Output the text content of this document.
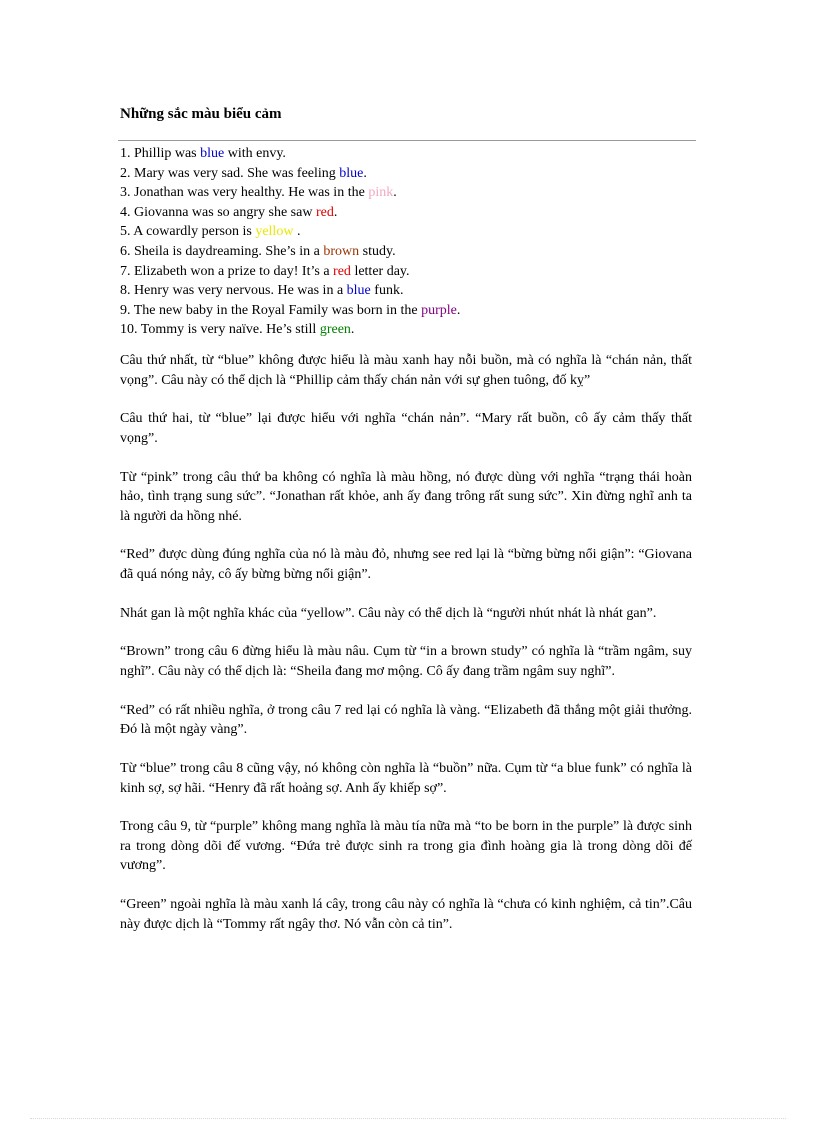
Những sắc màu biểu cảm
1. Phillip was blue with envy.
2. Mary was very sad. She was feeling blue.
3. Jonathan was very healthy. He was in the pink.
4. Giovanna was so angry she saw red.
5. A cowardly person is yellow .
6. Sheila is daydreaming. She’s in a brown study.
7. Elizabeth won a prize to day! It’s a red letter day.
8. Henry was very nervous. He was in a blue funk.
9. The new baby in the Royal Family was born in the purple.
10. Tommy is very naïve. He’s still green.

Câu thứ nhất, từ “blue” không được hiểu là màu xanh hay nỗi buồn, mà có nghĩa là “chán nản, thất vọng”. Câu này có thể dịch là “Phillip cảm thấy chán nản với sự ghen tuông, đố kỵ”

Câu thứ hai, từ “blue” lại được hiểu với nghĩa “chán nản”. “Mary rất buồn, cô ấy cảm thấy thất vọng”.

Từ “pink” trong câu thứ ba không có nghĩa là màu hồng, nó được dùng với nghĩa “trạng thái hoàn hảo, tình trạng sung sức”. “Jonathan rất khỏe, anh ấy đang trông rất sung sức”. Xin đừng nghĩ anh ta là người da hồng nhé.

“Red” được dùng đúng nghĩa của nó là màu đỏ, nhưng see red lại là “bừng bừng nổi giận”: “Giovana đã quá nóng nảy, cô ấy bừng bừng nổi giận”.

Nhát gan là một nghĩa khác của “yellow”. Câu này có thể dịch là “người nhút nhát là nhát gan”.

“Brown” trong câu 6 đừng hiểu là màu nâu. Cụm từ “in a brown study” có nghĩa là “trầm ngâm, suy nghĩ”. Câu này có thể dịch là: “Sheila đang mơ mộng. Cô ấy đang trầm ngâm suy nghĩ”.

“Red” có rất nhiều nghĩa, ở trong câu 7 red lại có nghĩa là vàng. “Elizabeth đã thắng một giải thưởng. Đó là một ngày vàng”.

Từ “blue” trong câu 8 cũng vậy, nó không còn nghĩa là “buồn” nữa. Cụm từ “a blue funk” có nghĩa là kinh sợ, sợ hãi. “Henry đã rất hoảng sợ. Anh ấy khiếp sợ”.

Trong câu 9, từ “purple” không mang nghĩa là màu tía nữa mà “to be born in the purple” là được sinh ra trong dòng dõi đế vương. “Đứa trẻ được sinh ra trong gia đình hoàng gia là trong dòng dõi đế vương”.

“Green” ngoài nghĩa là màu xanh lá cây, trong câu này có nghĩa là “chưa có kinh nghiệm, cả tin”.Câu này được dịch là “Tommy rất ngây thơ. Nó vẫn còn cả tin”.
